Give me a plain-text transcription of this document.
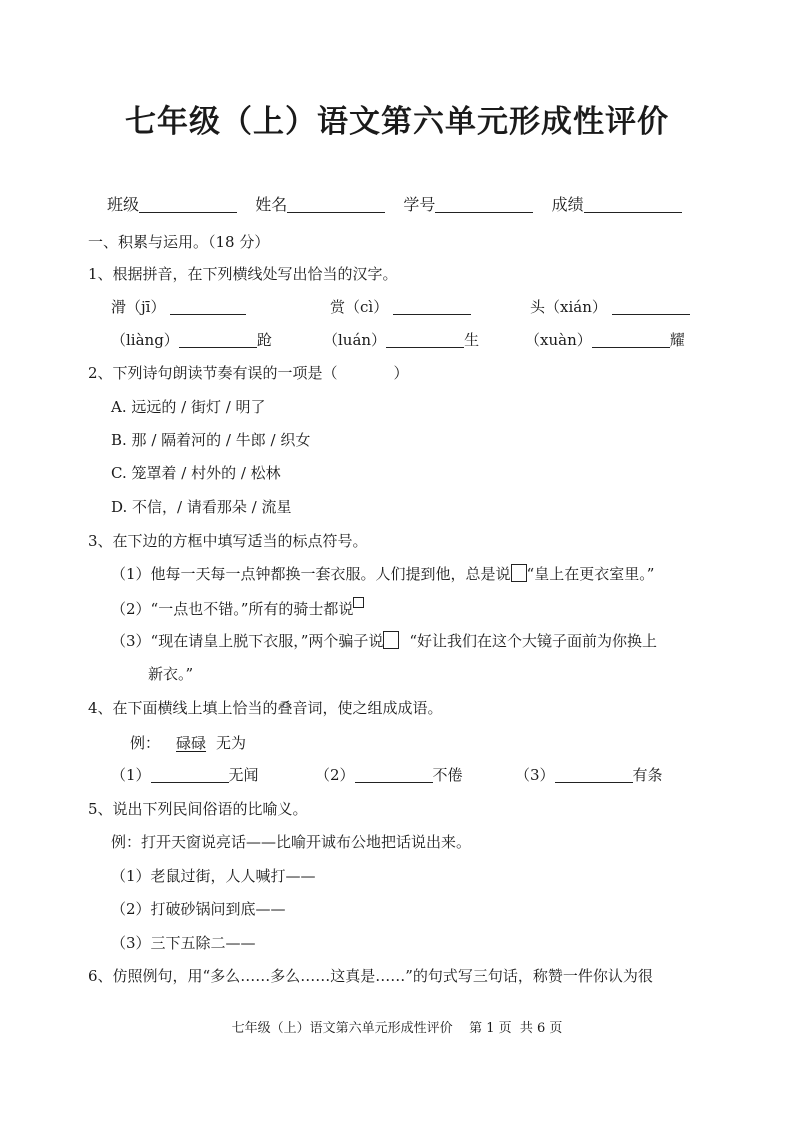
七年级（上）语文第六单元形成性评价
班级	姓名	学号	成绩
一、积累与运用。（18 分）
1、根据拼音，在下列横线处写出恰当的汉字。
滑（jī）	赏（cì）	头（xián）
（liàng）	跄	（luán）	生	（xuàn）	耀
2、下列诗句朗读节奏有误的一项是（	）
A. 远远的 / 街灯 / 明了
B. 那 / 隔着河的 / 牛郎 / 织女
C. 笼罩着 / 村外的 / 松林
D. 不信，/ 请看那朵 / 流星
3、在下边的方框中填写适当的标点符号。
（1）他每一天每一点钟都换一套衣服。人们提到他，总是说 “皇上在更衣室里。”
（2）“一点也不错。”所有的骑士都说
（3）“现在请皇上脱下衣服，”两个骗子说 “好让我们在这个大镜子面前为你换上
新衣。”
4、在下面横线上填上恰当的叠音词，使之组成成语。
例： 碌碌 无为
（1）	无闻	（2）	不倦	（3）	有条
5、说出下列民间俗语的比喻义。
例：打开天窗说亮话——比喻开诚布公地把话说出来。
（1）老鼠过街，人人喊打——
（2）打破砂锅问到底——
（3）三下五除二——
6、仿照例句，用“多么……多么……这真是……”的句式写三句话，称赞一件你认为很
七年级（上）语文第六单元形成性评价    第 1 页  共 6 页
